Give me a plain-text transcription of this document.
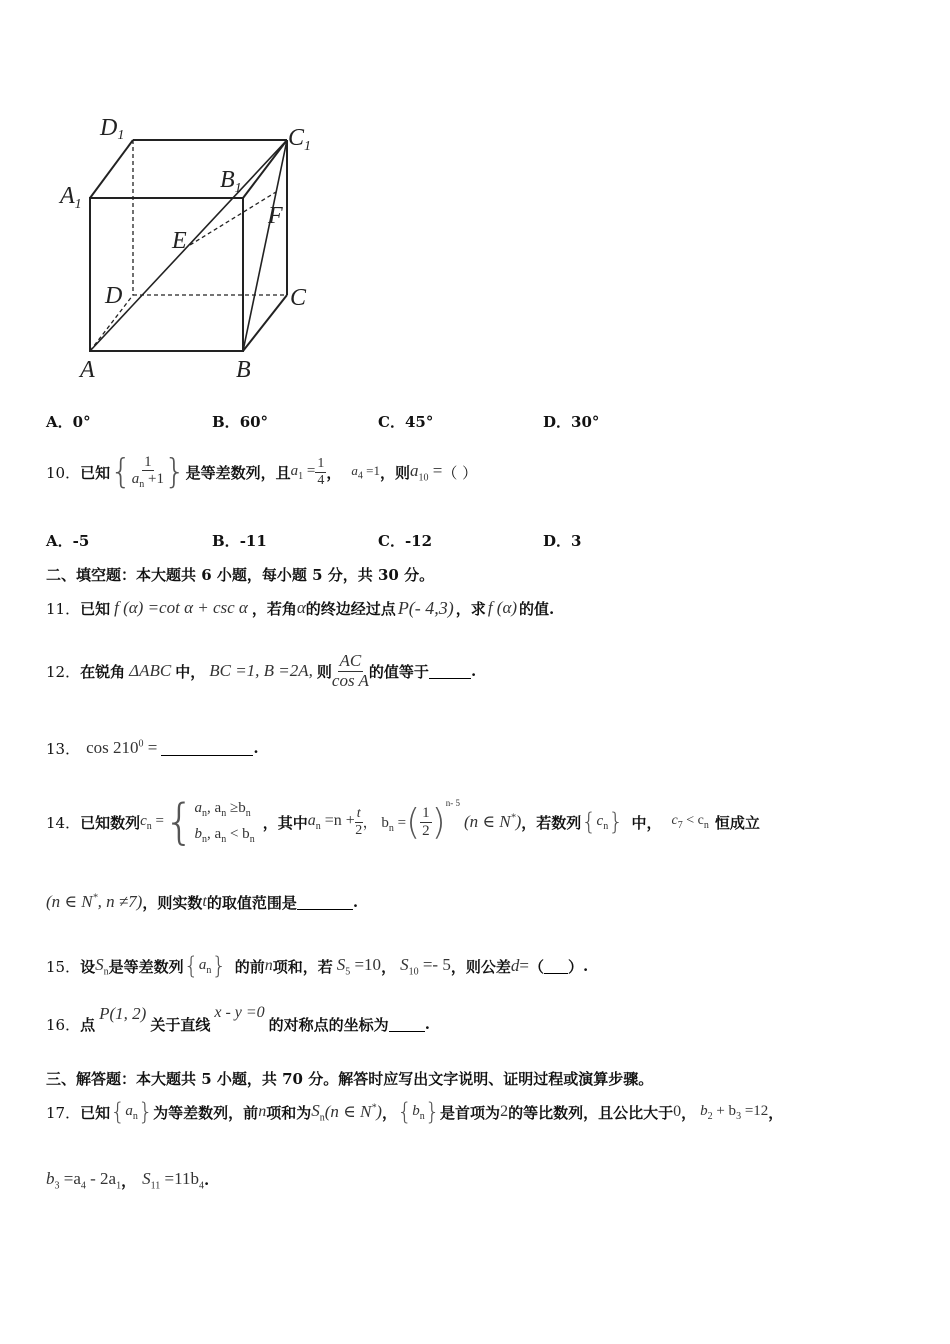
D1	$C_1$
$A_1$
$B_1$
E
F
D	C
A	B
A．0°	B．60°	C．45°	D．30°
10． 已知 { $\frac{1}{a_n +1}$ } 是等差数列，且 $a_1 = \frac{1}{4}$ ， $a_4 =1$ ，则 $a_{10}$ = （ ）
A．-5	B．-11	C．-12	D．3
二、填空题：本大题共 6 小题，每小题 5 分，共 30 分。
11． 已知 f (α) =cot α + csc α ，若角 α 的终边经过点 P(- 4,3) ，求 f (α) 的值.
12． 在锐角 ΔABC 中， BC =1, B =2A, 则 $\frac{AC}{\text{cos A}}$ 的值等于	.
13． $\cos 210^0$ =	.
14． 已知数列 $c_n$ = { $a_n$, $a_n \ge b_n$
$b_n$, $a_n < b_n$
，其中 $a_n =n + \frac{t}{2}$ ， $b_n$ = ( $\frac{1}{2}$ ) n- 5
(n ∈ N*) ，若数列 { $c_n$ } 中， $c_7 < c_n$ 恒成立
(n ∈ N*, n ≠7) ，则实数 t 的取值范围是	.
15． 设 $S_n$ 是等差数列 { $a_n$ } 的前 n 项和，若 $S_5 =10$ ， $S_{10} =- 5$ ，则公差 d = （ ） .
16． 点
P(1, 2)
关于直线
x - y =0
的对称点的坐标为 .
三、解答题：本大题共 5 小题，共 70 分。解答时应写出文字说明、证明过程或演算步骤。
17． 已知 { $a_n$ } 为等差数列，前 n 项和为 $S_n$ (n ∈ N*) ， { $b_n$ } 是首项为 2 的等比数列，且公比大于 0 ， $b_2 + b_3 =12$ ，
$b_3 =a_4 - 2a_1$ ， $S_{11} =11b_4$ .
